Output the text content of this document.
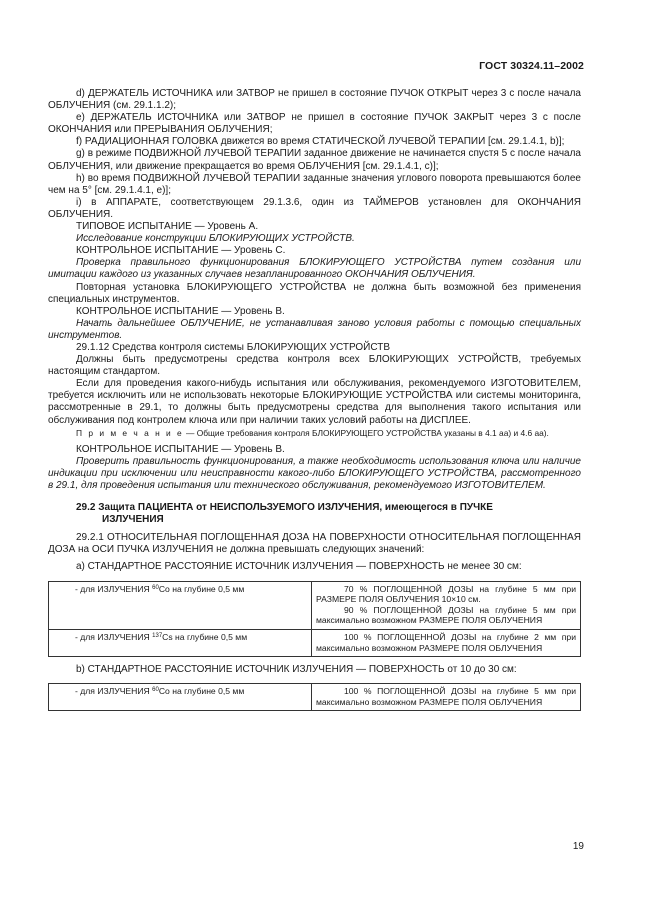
ГОСТ 30324.11–2002

d) ДЕРЖАТЕЛЬ ИСТОЧНИКА или ЗАТВОР не пришел в состояние ПУЧОК ОТКРЫТ через 3 с после начала ОБЛУЧЕНИЯ (см. 29.1.1.2);

e) ДЕРЖАТЕЛЬ ИСТОЧНИКА или ЗАТВОР не пришел в состояние ПУЧОК ЗАКРЫТ через 3 с после ОКОНЧАНИЯ или ПРЕРЫВАНИЯ ОБЛУЧЕНИЯ;

f) РАДИАЦИОННАЯ ГОЛОВКА движется во время СТАТИЧЕСКОЙ ЛУЧЕВОЙ ТЕРАПИИ [см. 29.1.4.1, b)];

g) в режиме ПОДВИЖНОЙ ЛУЧЕВОЙ ТЕРАПИИ заданное движение не начинается спустя 5 с после начала ОБЛУЧЕНИЯ, или движение прекращается во время ОБЛУЧЕНИЯ [см. 29.1.4.1, c)];

h) во время ПОДВИЖНОЙ ЛУЧЕВОЙ ТЕРАПИИ заданные значения углового поворота превышаются более чем на 5° [см. 29.1.4.1, e)];

i) в АППАРАТЕ, соответствующем 29.1.3.6, один из ТАЙМЕРОВ установлен для ОКОНЧАНИЯ ОБЛУЧЕНИЯ.

ТИПОВОЕ ИСПЫТАНИЕ — Уровень А.

Исследование конструкции БЛОКИРУЮЩИХ УСТРОЙСТВ.

КОНТРОЛЬНОЕ ИСПЫТАНИЕ — Уровень С.

Проверка правильного функционирования БЛОКИРУЮЩЕГО УСТРОЙСТВА путем создания или имитации каждого из указанных случаев незапланированного ОКОНЧАНИЯ ОБЛУЧЕНИЯ.

Повторная установка БЛОКИРУЮЩЕГО УСТРОЙСТВА не должна быть возможной без применения специальных инструментов.

КОНТРОЛЬНОЕ ИСПЫТАНИЕ — Уровень В.

Начать дальнейшее ОБЛУЧЕНИЕ, не устанавливая заново условия работы с помощью специальных инструментов.

29.1.12 Средства контроля системы БЛОКИРУЮЩИХ УСТРОЙСТВ

Должны быть предусмотрены средства контроля всех БЛОКИРУЮЩИХ УСТРОЙСТВ, требуемых настоящим стандартом.

Если для проведения какого-нибудь испытания или обслуживания, рекомендуемого ИЗГОТОВИТЕЛЕМ, требуется исключить или не использовать некоторые БЛОКИРУЮЩИЕ УСТРОЙСТВА или системы мониторинга, рассмотренные в 29.1, то должны быть предусмотрены средства для выполнения такого испытания или обслуживания под контролем ключа или при наличии таких условий работы на ДИСПЛЕЕ.

П р и м е ч а н и е — Общие требования контроля БЛОКИРУЮЩЕГО УСТРОЙСТВА указаны в 4.1 аа) и 4.6 аа).

КОНТРОЛЬНОЕ ИСПЫТАНИЕ — Уровень В.

Проверить правильность функционирования, а также необходимость использования ключа или наличие индикации при исключении или неисправности какого-либо БЛОКИРУЮЩЕГО УСТРОЙСТВА, рассмотренного в 29.1, для проведения испытания или технического обслуживания, рекомендуемого ИЗГОТОВИТЕЛЕМ.

29.2 Защита ПАЦИЕНТА от НЕИСПОЛЬЗУЕМОГО ИЗЛУЧЕНИЯ, имеющегося в ПУЧКЕ
ИЗЛУЧЕНИЯ

29.2.1 ОТНОСИТЕЛЬНАЯ ПОГЛОЩЕННАЯ ДОЗА НА ПОВЕРХНОСТИ ОТНОСИТЕЛЬНАЯ ПОГЛОЩЕННАЯ ДОЗА на ОСИ ПУЧКА ИЗЛУЧЕНИЯ не должна превышать следующих значений:

a) СТАНДАРТНОЕ РАССТОЯНИЕ ИСТОЧНИК ИЗЛУЧЕНИЯ — ПОВЕРХНОСТЬ не менее 30 см:

- для ИЗЛУЧЕНИЯ $^{60}$Co на глубине 0,5 мм	70 % ПОГЛОЩЕННОЙ ДОЗЫ на глубине 5 мм при РАЗМЕРЕ ПОЛЯ ОБЛУЧЕНИЯ 10×10 см.
90 % ПОГЛОЩЕННОЙ ДОЗЫ на глубине 5 мм при максимально возможном РАЗМЕРЕ ПОЛЯ ОБЛУЧЕНИЯ

- для ИЗЛУЧЕНИЯ $^{137}$Cs на глубине 0,5 мм	100 % ПОГЛОЩЕННОЙ ДОЗЫ на глубине 2 мм при максимально возможном РАЗМЕРЕ ПОЛЯ ОБЛУЧЕНИЯ

b) СТАНДАРТНОЕ РАССТОЯНИЕ ИСТОЧНИК ИЗЛУЧЕНИЯ — ПОВЕРХНОСТЬ от 10 до 30 см:

- для ИЗЛУЧЕНИЯ $^{60}$Co на глубине 0,5 мм	100 % ПОГЛОЩЕННОЙ ДОЗЫ на глубине 5 мм при максимально возможном РАЗМЕРЕ ПОЛЯ ОБЛУЧЕНИЯ
19
